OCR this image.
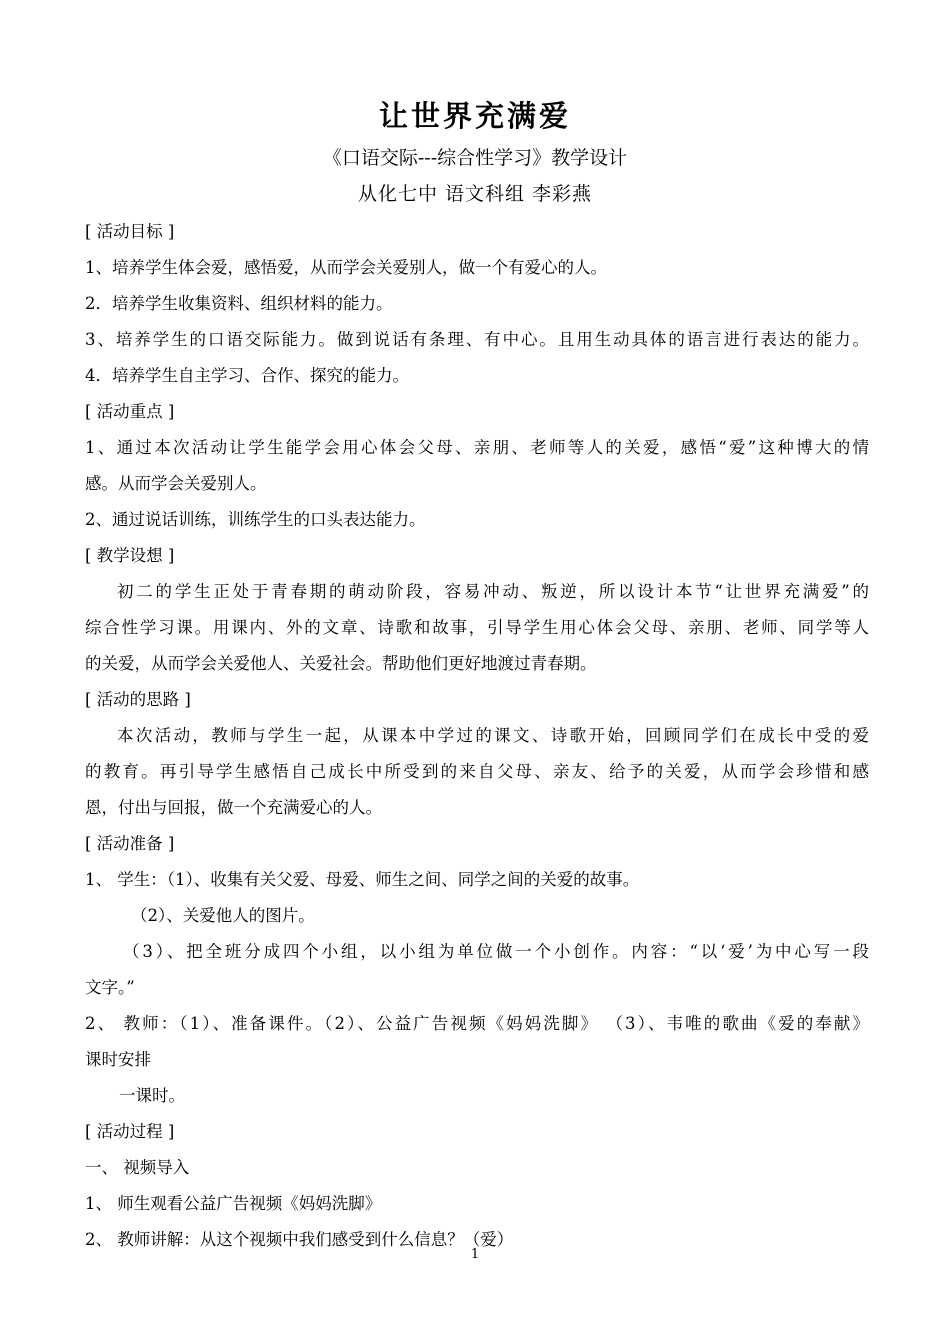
让世界充满爱
《口语交际---综合性学习》教学设计
从化七中 语文科组 李彩燕
[ 活动目标 ]
1、培养学生体会爱，感悟爱，从而学会关爱别人，做一个有爱心的人。
2．培养学生收集资料、组织材料的能力。
3、培养学生的口语交际能力。做到说话有条理、有中心。且用生动具体的语言进行表达的能力。
4．培养学生自主学习、合作、探究的能力。
[ 活动重点 ]
1、通过本次活动让学生能学会用心体会父母、亲朋、老师等人的关爱，感悟“爱”这种博大的情
感。从而学会关爱别人。
2、通过说话训练，训练学生的口头表达能力。
[ 教学设想 ]
初二的学生正处于青春期的萌动阶段，容易冲动、叛逆，所以设计本节“让世界充满爱”的
综合性学习课。用课内、外的文章、诗歌和故事，引导学生用心体会父母、亲朋、老师、同学等人
的关爱，从而学会关爱他人、关爱社会。帮助他们更好地渡过青春期。
[ 活动的思路 ]
本次活动，教师与学生一起，从课本中学过的课文、诗歌开始，回顾同学们在成长中受的爱
的教育。再引导学生感悟自己成长中所受到的来自父母、亲友、给予的关爱，从而学会珍惜和感
恩，付出与回报，做一个充满爱心的人。
[ 活动准备 ]
1、 学生：（1）、收集有关父爱、母爱、师生之间、同学之间的关爱的故事。
（2）、关爱他人的图片。
（3）、把全班分成四个小组，以小组为单位做一个小创作。内容：“以‘爱’为中心写一段
文字。”
2、 教师：（1）、准备课件。（2）、公益广告视频《妈妈洗脚》 （3）、韦唯的歌曲《爱的奉献》
课时安排
一课时。
[ 活动过程 ]
一、 视频导入
1、 师生观看公益广告视频《妈妈洗脚》
2、 教师讲解：从这个视频中我们感受到什么信息？（爱）
1
